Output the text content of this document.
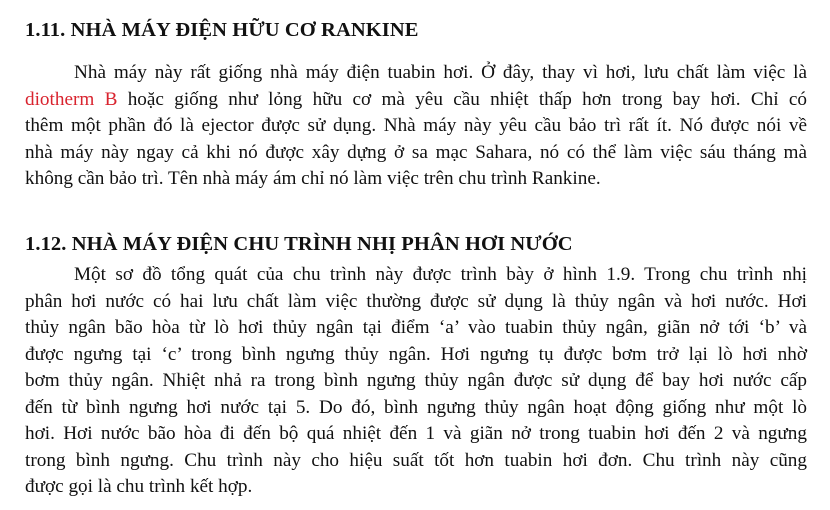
1.11. NHÀ MÁY ĐIỆN HỮU CƠ RANKINE
Nhà máy này rất giống nhà máy điện tuabin hơi. Ở đây, thay vì hơi, lưu chất làm việc là
diotherm B hoặc giống như lỏng hữu cơ mà yêu cầu nhiệt thấp hơn trong bay hơi. Chỉ có
thêm một phần đó là ejector được sử dụng. Nhà máy này yêu cầu bảo trì rất ít. Nó được nói về
nhà máy này ngay cả khi nó được xây dựng ở sa mạc Sahara, nó có thể làm việc sáu tháng mà
không cần bảo trì. Tên nhà máy ám chỉ nó làm việc trên chu trình Rankine.
1.12. NHÀ MÁY ĐIỆN CHU TRÌNH NHỊ PHÂN HƠI NƯỚC
Một sơ đồ tổng quát của chu trình này được trình bày ở hình 1.9. Trong chu trình nhị
phân hơi nước có hai lưu chất làm việc thường được sử dụng là thủy ngân và hơi nước. Hơi
thủy ngân bão hòa từ lò hơi thủy ngân tại điểm ‘a’ vào tuabin thủy ngân, giãn nở tới ‘b’ và
được ngưng tại ‘c’ trong bình ngưng thủy ngân. Hơi ngưng tụ được bơm trở lại lò hơi nhờ
bơm thủy ngân. Nhiệt nhả ra trong bình ngưng thủy ngân được sử dụng để bay hơi nước cấp
đến từ bình ngưng hơi nước tại 5. Do đó, bình ngưng thủy ngân hoạt động giống như một lò
hơi. Hơi nước bão hòa đi đến bộ quá nhiệt đến 1 và giãn nở trong tuabin hơi đến 2 và ngưng
trong bình ngưng. Chu trình này cho hiệu suất tốt hơn tuabin hơi đơn. Chu trình này cũng
được gọi là chu trình kết hợp.
